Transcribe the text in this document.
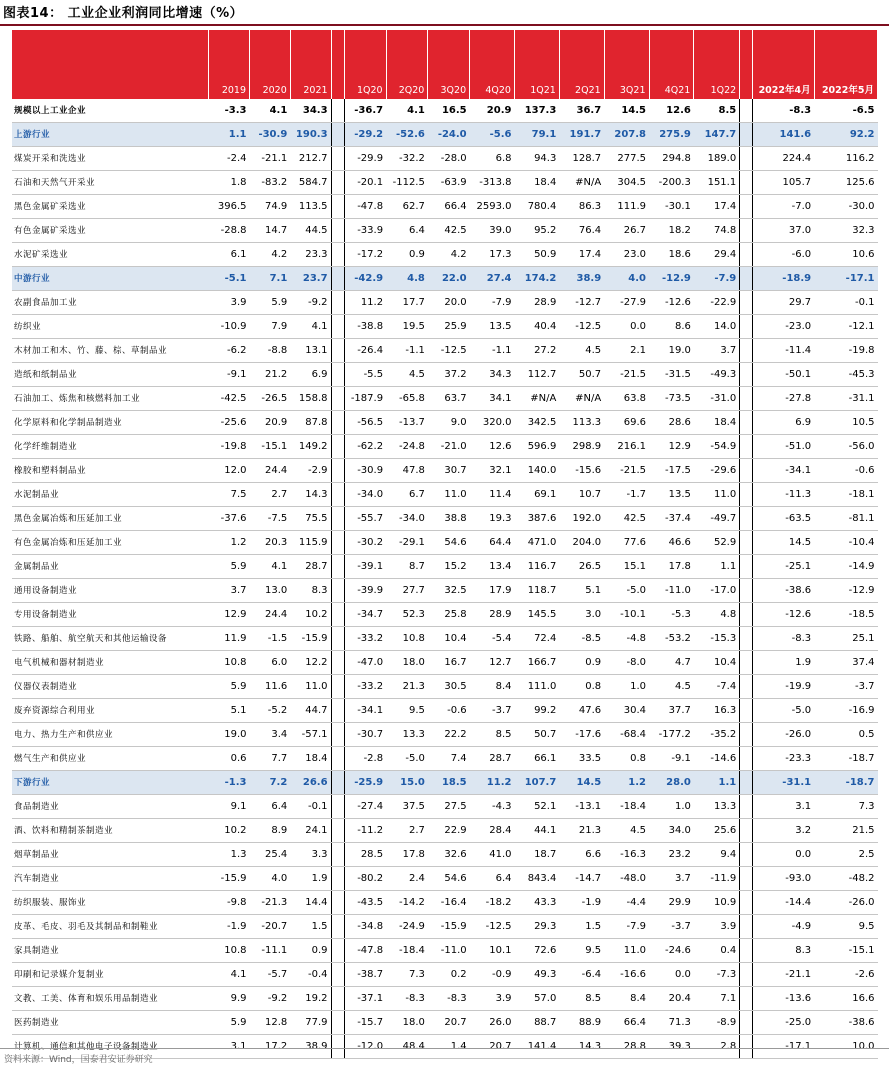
图表14： 工业企业利润同比增速（%）
	2019	2020	2021		1Q20	2Q20	3Q20	4Q20	1Q21	2Q21	3Q21	4Q21	1Q22		2022年4月	2022年5月
规模以上工业企业	-3.3	4.1	34.3		-36.7	4.1	16.5	20.9	137.3	36.7	14.5	12.6	8.5		-8.3	-6.5
上游行业	1.1	-30.9	190.3		-29.2	-52.6	-24.0	-5.6	79.1	191.7	207.8	275.9	147.7		141.6	92.2
煤炭开采和洗选业	-2.4	-21.1	212.7		-29.9	-32.2	-28.0	6.8	94.3	128.7	277.5	294.8	189.0		224.4	116.2
石油和天然气开采业	1.8	-83.2	584.7		-20.1	-112.5	-63.9	-313.8	18.4	#N/A	304.5	-200.3	151.1		105.7	125.6
黑色金属矿采选业	396.5	74.9	113.5		-47.8	62.7	66.4	2593.0	780.4	86.3	111.9	-30.1	17.4		-7.0	-30.0
有色金属矿采选业	-28.8	14.7	44.5		-33.9	6.4	42.5	39.0	95.2	76.4	26.7	18.2	74.8		37.0	32.3
水泥矿采选业	6.1	4.2	23.3		-17.2	0.9	4.2	17.3	50.9	17.4	23.0	18.6	29.4		-6.0	10.6
中游行业	-5.1	7.1	23.7		-42.9	4.8	22.0	27.4	174.2	38.9	4.0	-12.9	-7.9		-18.9	-17.1
农副食品加工业	3.9	5.9	-9.2		11.2	17.7	20.0	-7.9	28.9	-12.7	-27.9	-12.6	-22.9		29.7	-0.1
纺织业	-10.9	7.9	4.1		-38.8	19.5	25.9	13.5	40.4	-12.5	0.0	8.6	14.0		-23.0	-12.1
木材加工和木、竹、藤、棕、草制品业	-6.2	-8.8	13.1		-26.4	-1.1	-12.5	-1.1	27.2	4.5	2.1	19.0	3.7		-11.4	-19.8
造纸和纸制品业	-9.1	21.2	6.9		-5.5	4.5	37.2	34.3	112.7	50.7	-21.5	-31.5	-49.3		-50.1	-45.3
石油加工、炼焦和核燃料加工业	-42.5	-26.5	158.8		-187.9	-65.8	63.7	34.1	#N/A	#N/A	63.8	-73.5	-31.0		-27.8	-31.1
化学原料和化学制品制造业	-25.6	20.9	87.8		-56.5	-13.7	9.0	320.0	342.5	113.3	69.6	28.6	18.4		6.9	10.5
化学纤维制造业	-19.8	-15.1	149.2		-62.2	-24.8	-21.0	12.6	596.9	298.9	216.1	12.9	-54.9		-51.0	-56.0
橡胶和塑料制品业	12.0	24.4	-2.9		-30.9	47.8	30.7	32.1	140.0	-15.6	-21.5	-17.5	-29.6		-34.1	-0.6
水泥制品业	7.5	2.7	14.3		-34.0	6.7	11.0	11.4	69.1	10.7	-1.7	13.5	11.0		-11.3	-18.1
黑色金属冶炼和压延加工业	-37.6	-7.5	75.5		-55.7	-34.0	38.8	19.3	387.6	192.0	42.5	-37.4	-49.7		-63.5	-81.1
有色金属冶炼和压延加工业	1.2	20.3	115.9		-30.2	-29.1	54.6	64.4	471.0	204.0	77.6	46.6	52.9		14.5	-10.4
金属制品业	5.9	4.1	28.7		-39.1	8.7	15.2	13.4	116.7	26.5	15.1	17.8	1.1		-25.1	-14.9
通用设备制造业	3.7	13.0	8.3		-39.9	27.7	32.5	17.9	118.7	5.1	-5.0	-11.0	-17.0		-38.6	-12.9
专用设备制造业	12.9	24.4	10.2		-34.7	52.3	25.8	28.9	145.5	3.0	-10.1	-5.3	4.8		-12.6	-18.5
铁路、船舶、航空航天和其他运输设备	11.9	-1.5	-15.9		-33.2	10.8	10.4	-5.4	72.4	-8.5	-4.8	-53.2	-15.3		-8.3	25.1
电气机械和器材制造业	10.8	6.0	12.2		-47.0	18.0	16.7	12.7	166.7	0.9	-8.0	4.7	10.4		1.9	37.4
仪器仪表制造业	5.9	11.6	11.0		-33.2	21.3	30.5	8.4	111.0	0.8	1.0	4.5	-7.4		-19.9	-3.7
废弃资源综合利用业	5.1	-5.2	44.7		-34.1	9.5	-0.6	-3.7	99.2	47.6	30.4	37.7	16.3		-5.0	-16.9
电力、热力生产和供应业	19.0	3.4	-57.1		-30.7	13.3	22.2	8.5	50.7	-17.6	-68.4	-177.2	-35.2		-26.0	0.5
燃气生产和供应业	0.6	7.7	18.4		-2.8	-5.0	7.4	28.7	66.1	33.5	0.8	-9.1	-14.6		-23.3	-18.7
下游行业	-1.3	7.2	26.6		-25.9	15.0	18.5	11.2	107.7	14.5	1.2	28.0	1.1		-31.1	-18.7
食品制造业	9.1	6.4	-0.1		-27.4	37.5	27.5	-4.3	52.1	-13.1	-18.4	1.0	13.3		3.1	7.3
酒、饮料和精制茶制造业	10.2	8.9	24.1		-11.2	2.7	22.9	28.4	44.1	21.3	4.5	34.0	25.6		3.2	21.5
烟草制品业	1.3	25.4	3.3		28.5	17.8	32.6	41.0	18.7	6.6	-16.3	23.2	9.4		0.0	2.5
汽车制造业	-15.9	4.0	1.9		-80.2	2.4	54.6	6.4	843.4	-14.7	-48.0	3.7	-11.9		-93.0	-48.2
纺织服装、服饰业	-9.8	-21.3	14.4		-43.5	-14.2	-16.4	-18.2	43.3	-1.9	-4.4	29.9	10.9		-14.4	-26.0
皮革、毛皮、羽毛及其制品和制鞋业	-1.9	-20.7	1.5		-34.8	-24.9	-15.9	-12.5	29.3	1.5	-7.9	-3.7	3.9		-4.9	9.5
家具制造业	10.8	-11.1	0.9		-47.8	-18.4	-11.0	10.1	72.6	9.5	11.0	-24.6	0.4		8.3	-15.1
印刷和记录媒介复制业	4.1	-5.7	-0.4		-38.7	7.3	0.2	-0.9	49.3	-6.4	-16.6	0.0	-7.3		-21.1	-2.6
文教、工美、体育和娱乐用品制造业	9.9	-9.2	19.2		-37.1	-8.3	-8.3	3.9	57.0	8.5	8.4	20.4	7.1		-13.6	16.6
医药制造业	5.9	12.8	77.9		-15.7	18.0	20.7	26.0	88.7	88.9	66.4	71.3	-8.9		-25.0	-38.6
计算机、通信和其他电子设备制造业	3.1	17.2	38.9		-12.0	48.4	1.4	20.7	141.4	14.3	28.8	39.3	2.8		-17.1	10.0
资料来源：Wind，国泰君安证券研究
